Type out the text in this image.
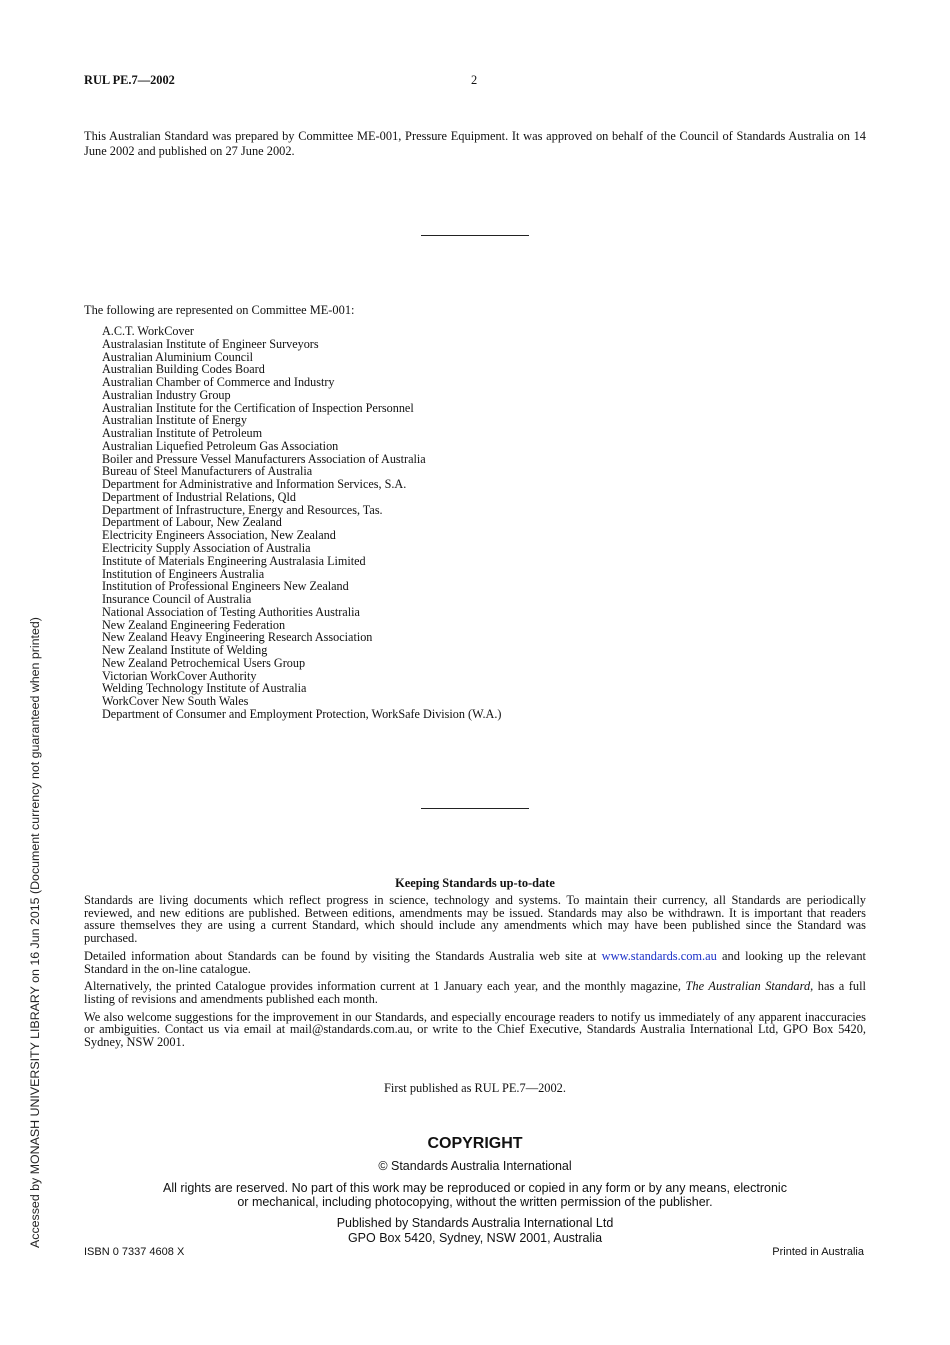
RUL PE.7—2002	2
This Australian Standard was prepared by Committee ME-001, Pressure Equipment. It was approved on behalf of the Council of Standards Australia on 14 June 2002 and published on 27 June 2002.
The following are represented on Committee ME-001:
A.C.T. WorkCover
Australasian Institute of Engineer Surveyors
Australian Aluminium Council
Australian Building Codes Board
Australian Chamber of Commerce and Industry
Australian Industry Group
Australian Institute for the Certification of Inspection Personnel
Australian Institute of Energy
Australian Institute of Petroleum
Australian Liquefied Petroleum Gas Association
Boiler and Pressure Vessel Manufacturers Association of Australia
Bureau of Steel Manufacturers of Australia
Department for Administrative and Information Services, S.A.
Department of Industrial Relations, Qld
Department of Infrastructure, Energy and Resources, Tas.
Department of Labour, New Zealand
Electricity Engineers Association, New Zealand
Electricity Supply Association of Australia
Institute of Materials Engineering Australasia Limited
Institution of Engineers Australia
Institution of Professional Engineers New Zealand
Insurance Council of Australia
National Association of Testing Authorities Australia
New Zealand Engineering Federation
New Zealand Heavy Engineering Research Association
New Zealand Institute of Welding
New Zealand Petrochemical Users Group
Victorian WorkCover Authority
Welding Technology Institute of Australia
WorkCover New South Wales
Department of Consumer and Employment Protection, WorkSafe Division (W.A.)
Keeping Standards up-to-date

Standards are living documents which reflect progress in science, technology and systems. To maintain their currency, all Standards are periodically reviewed, and new editions are published. Between editions, amendments may be issued. Standards may also be withdrawn. It is important that readers assure themselves they are using a current Standard, which should include any amendments which may have been published since the Standard was purchased.

Detailed information about Standards can be found by visiting the Standards Australia web site at www.standards.com.au and looking up the relevant Standard in the on-line catalogue.

Alternatively, the printed Catalogue provides information current at 1 January each year, and the monthly magazine, The Australian Standard, has a full listing of revisions and amendments published each month.

We also welcome suggestions for the improvement in our Standards, and especially encourage readers to notify us immediately of any apparent inaccuracies or ambiguities. Contact us via email at mail@standards.com.au, or write to the Chief Executive, Standards Australia International Ltd, GPO Box 5420, Sydney, NSW 2001.

First published as RUL PE.7—2002.
COPYRIGHT
© Standards Australia International
All rights are reserved. No part of this work may be reproduced or copied in any form or by any means, electronic
or mechanical, including photocopying, without the written permission of the publisher.
Published by Standards Australia International Ltd
GPO Box 5420, Sydney, NSW 2001, Australia
ISBN 0 7337 4608 X	Printed in Australia
Accessed by MONASH UNIVERSITY LIBRARY on 16 Jun 2015 (Document currency not guaranteed when printed)
